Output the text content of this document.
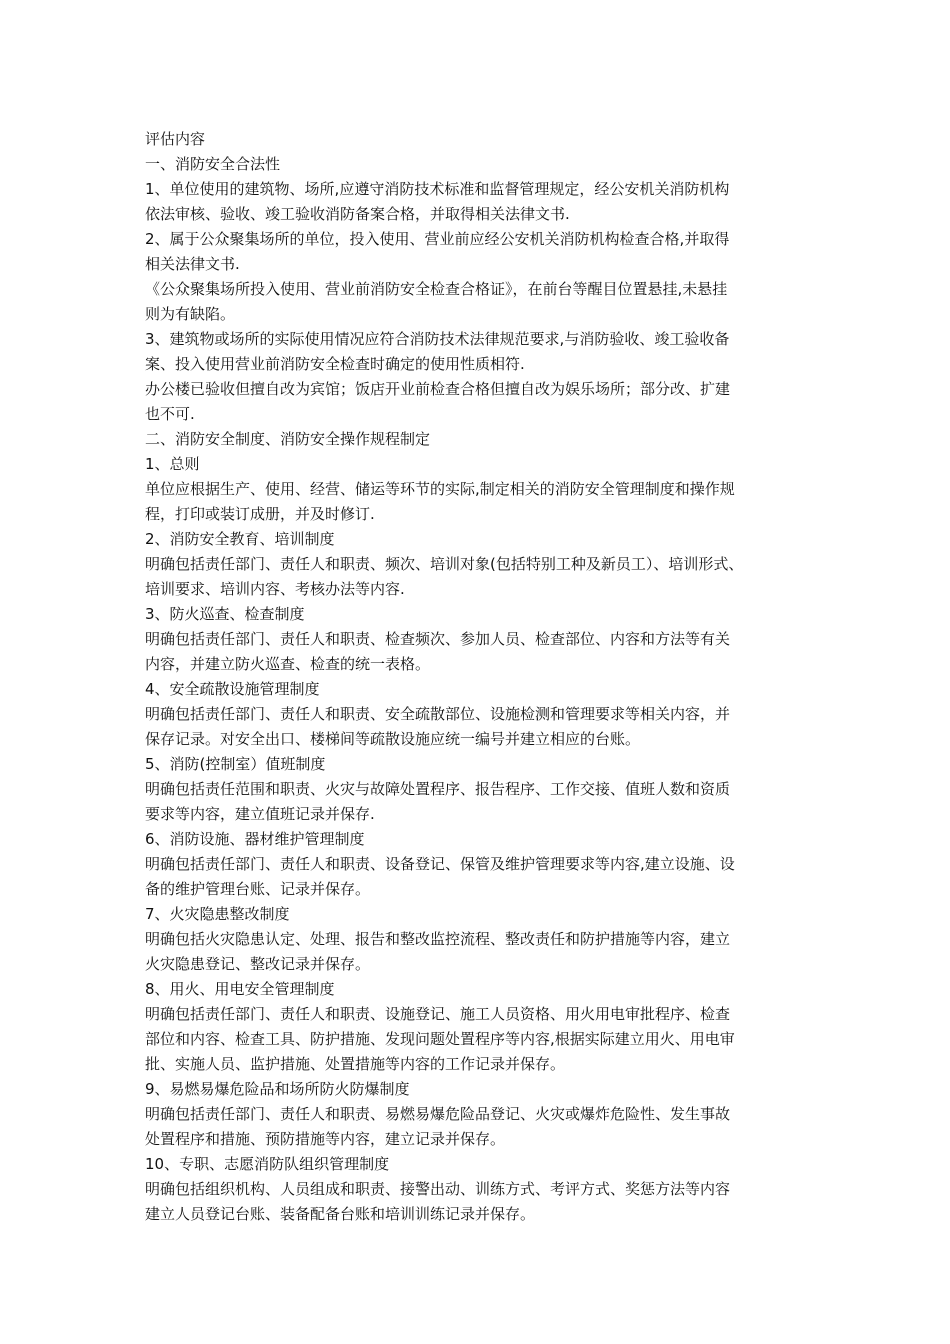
评估内容

一、消防安全合法性

1、单位使用的建筑物、场所,应遵守消防技术标准和监督管理规定，经公安机关消防机构

依法审核、验收、竣工验收消防备案合格，并取得相关法律文书.

2、属于公众聚集场所的单位，投入使用、营业前应经公安机关消防机构检查合格,并取得

相关法律文书.

《公众聚集场所投入使用、营业前消防安全检查合格证》，在前台等醒目位置悬挂,未悬挂

则为有缺陷。

3、建筑物或场所的实际使用情况应符合消防技术法律规范要求,与消防验收、竣工验收备

案、投入使用营业前消防安全检查时确定的使用性质相符.

办公楼已验收但擅自改为宾馆；饭店开业前检查合格但擅自改为娱乐场所；部分改、扩建

也不可.

二、消防安全制度、消防安全操作规程制定

1、总则

单位应根据生产、使用、经营、储运等环节的实际,制定相关的消防安全管理制度和操作规

程，打印或装订成册，并及时修订.

2、消防安全教育、培训制度

明确包括责任部门、责任人和职责、频次、培训对象(包括特别工种及新员工）、培训形式、

培训要求、培训内容、考核办法等内容.

3、防火巡查、检查制度

明确包括责任部门、责任人和职责、检查频次、参加人员、检查部位、内容和方法等有关

内容，并建立防火巡查、检查的统一表格。

4、安全疏散设施管理制度

明确包括责任部门、责任人和职责、安全疏散部位、设施检测和管理要求等相关内容，并

保存记录。对安全出口、楼梯间等疏散设施应统一编号并建立相应的台账。

5、消防(控制室）值班制度

明确包括责任范围和职责、火灾与故障处置程序、报告程序、工作交接、值班人数和资质

要求等内容，建立值班记录并保存.

6、消防设施、器材维护管理制度

明确包括责任部门、责任人和职责、设备登记、保管及维护管理要求等内容,建立设施、设

备的维护管理台账、记录并保存。

7、火灾隐患整改制度

明确包括火灾隐患认定、处理、报告和整改监控流程、整改责任和防护措施等内容，建立

火灾隐患登记、整改记录并保存。

8、用火、用电安全管理制度

明确包括责任部门、责任人和职责、设施登记、施工人员资格、用火用电审批程序、检查

部位和内容、检查工具、防护措施、发现问题处置程序等内容,根据实际建立用火、用电审

批、实施人员、监护措施、处置措施等内容的工作记录并保存。

9、易燃易爆危险品和场所防火防爆制度

明确包括责任部门、责任人和职责、易燃易爆危险品登记、火灾或爆炸危险性、发生事故

处置程序和措施、预防措施等内容，建立记录并保存。

10、专职、志愿消防队组织管理制度

明确包括组织机构、人员组成和职责、接警出动、训练方式、考评方式、奖惩方法等内容

建立人员登记台账、装备配备台账和培训训练记录并保存。
